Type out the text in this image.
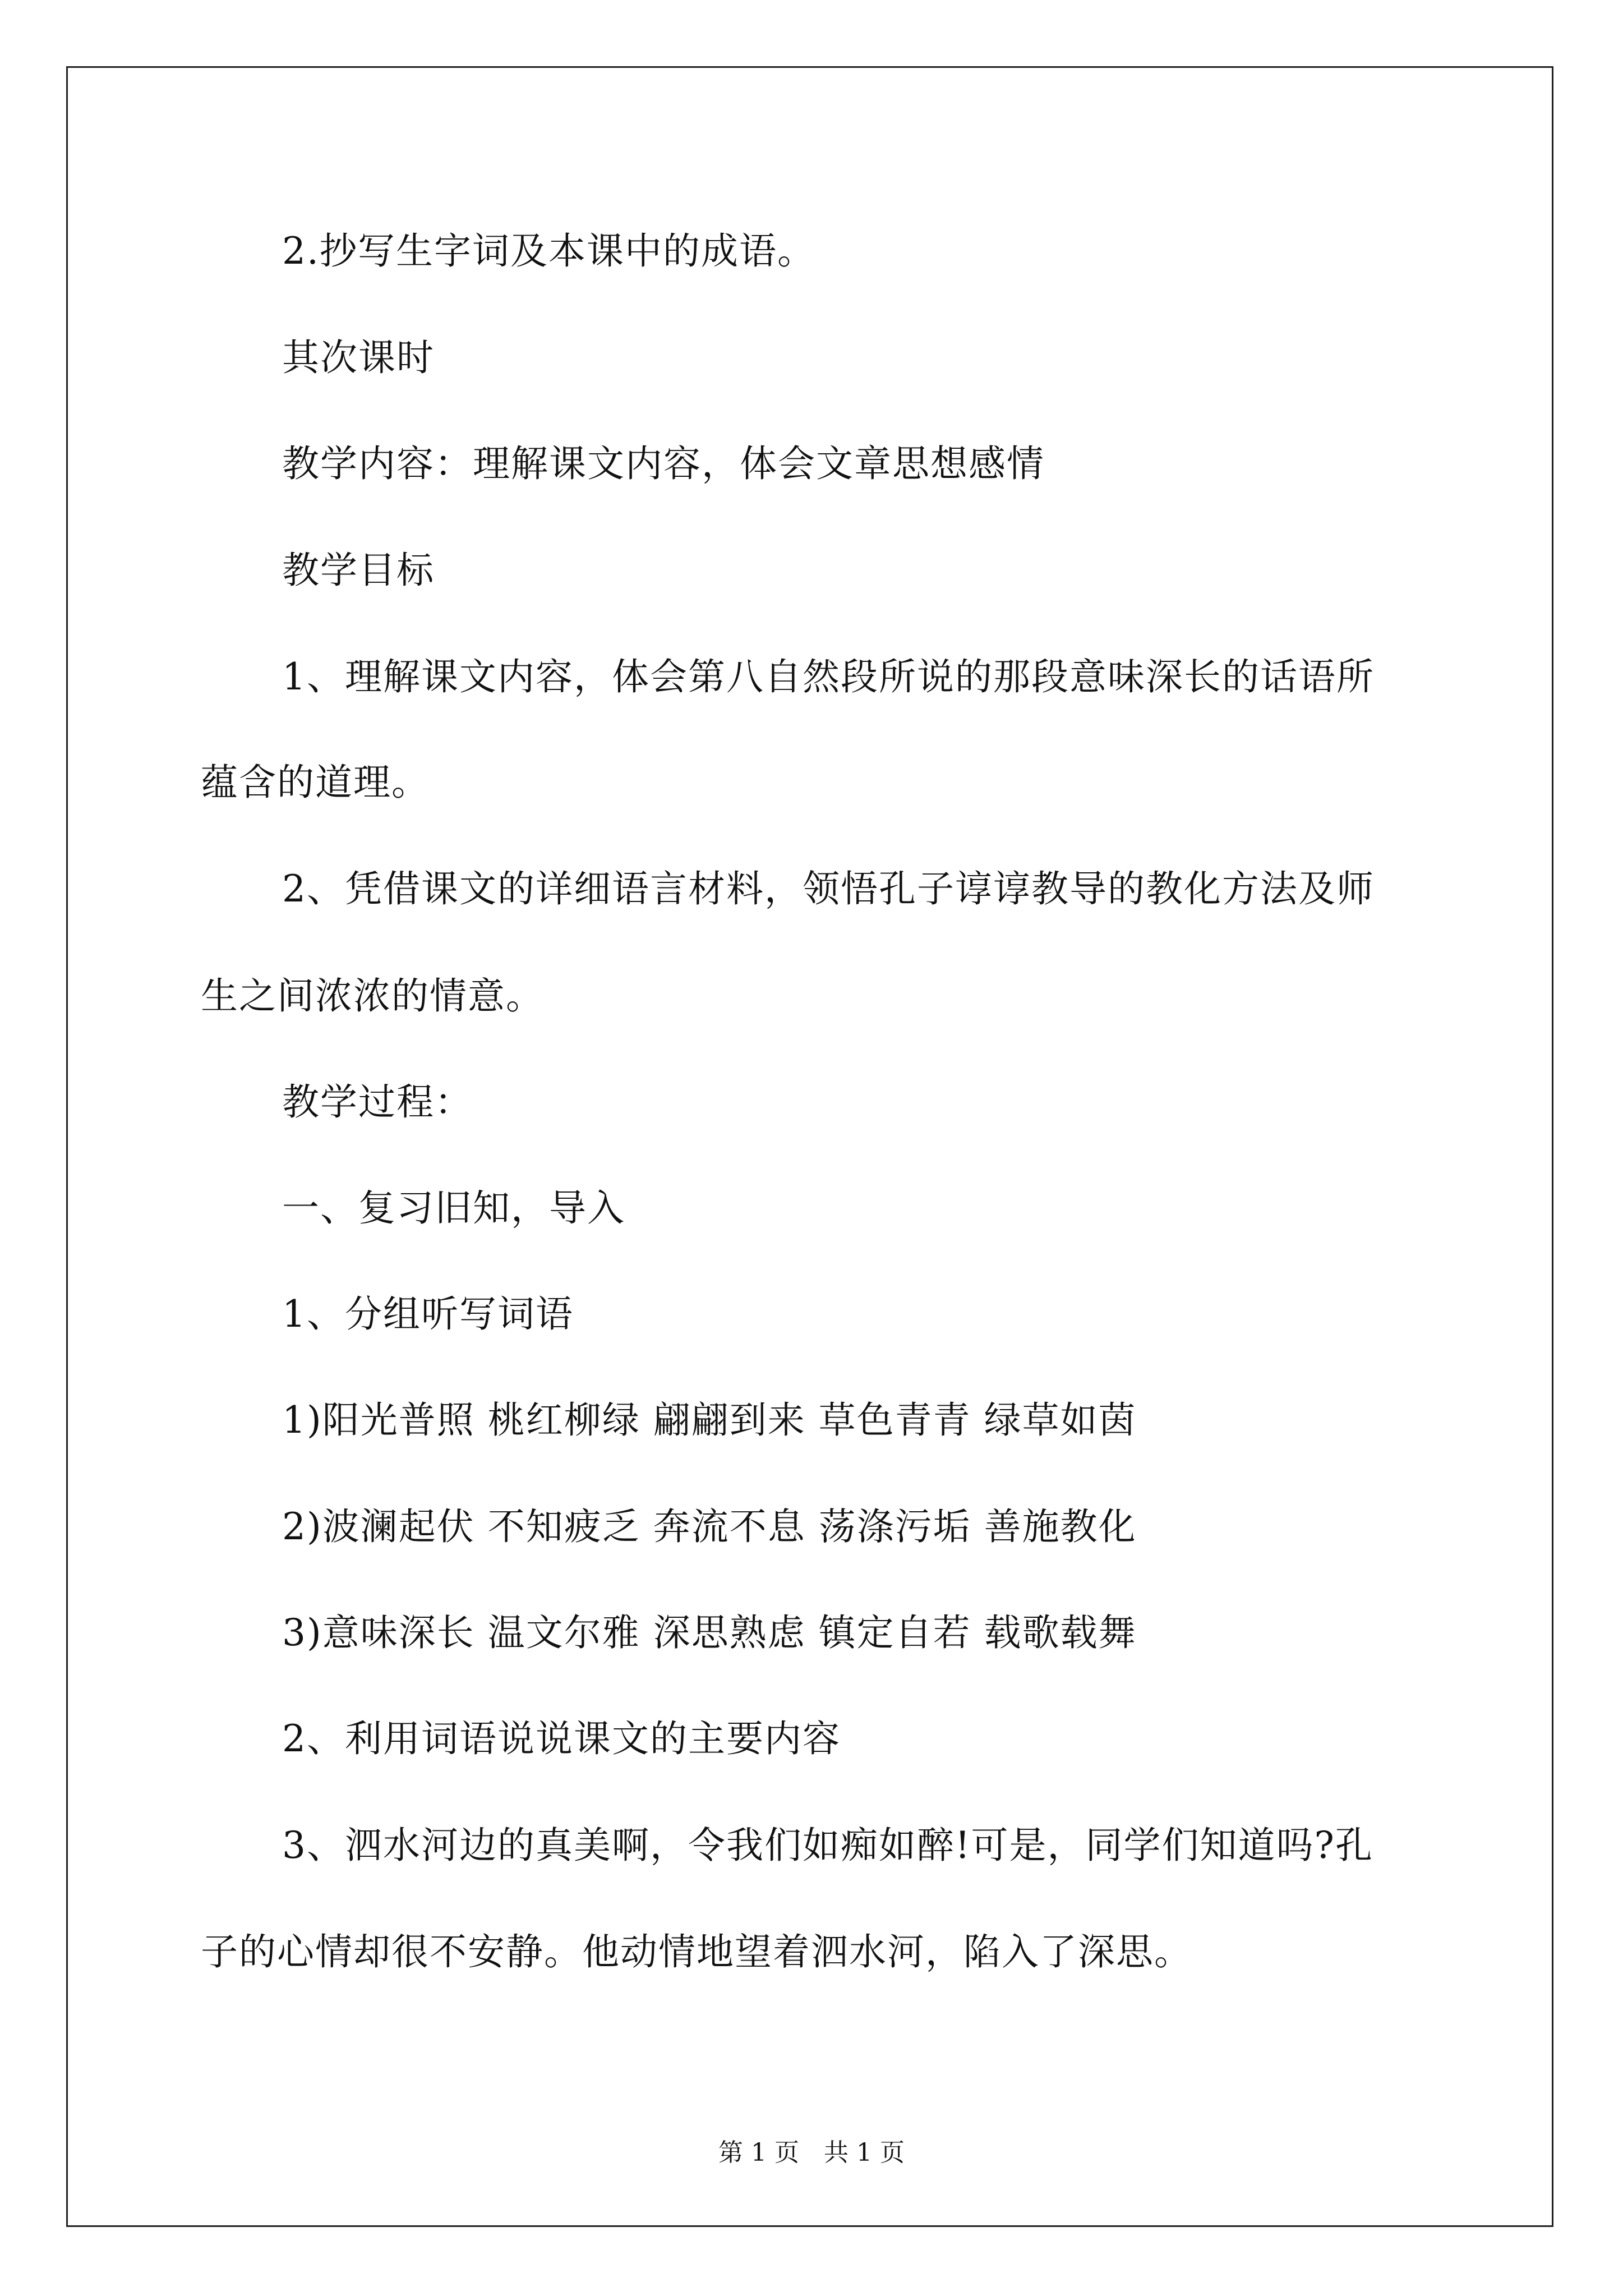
2.抄写生字词及本课中的成语。
其次课时
教学内容：理解课文内容，体会文章思想感情
教学目标
1、理解课文内容，体会第八自然段所说的那段意味深长的话语所
蕴含的道理。
2、凭借课文的详细语言材料，领悟孔子谆谆教导的教化方法及师
生之间浓浓的情意。
教学过程：
一、复习旧知，导入
1、分组听写词语
1)阳光普照 桃红柳绿 翩翩到来 草色青青 绿草如茵
2)波澜起伏 不知疲乏 奔流不息 荡涤污垢 善施教化
3)意味深长 温文尔雅 深思熟虑 镇定自若 载歌载舞
2、利用词语说说课文的主要内容
3、泗水河边的真美啊，令我们如痴如醉!可是，同学们知道吗?孔
子的心情却很不安静。他动情地望着泗水河，陷入了深思。
第 1 页　共 1 页
